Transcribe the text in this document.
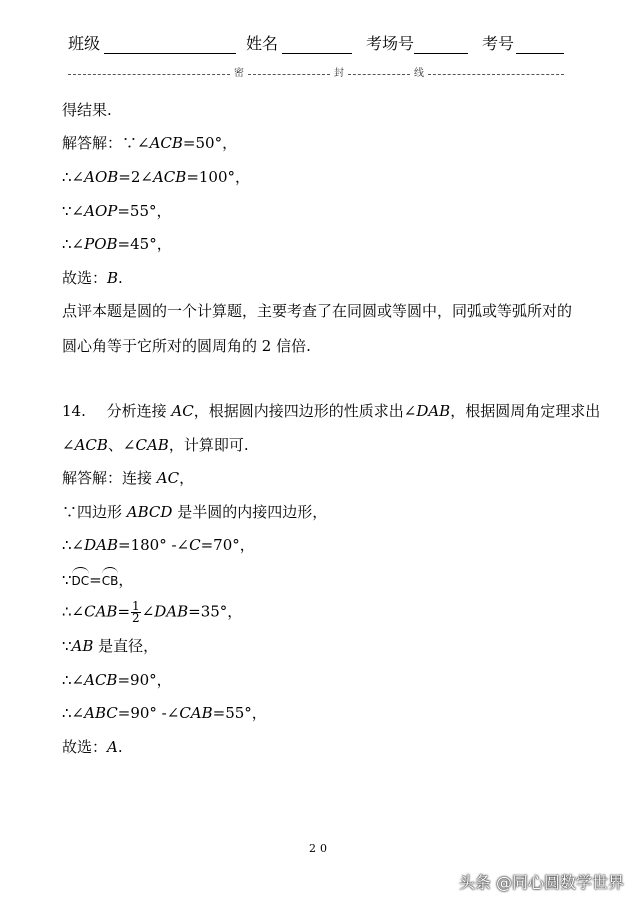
班级	姓名	考场号	考号
密	封	线
得结果.
解答解：∵∠ACB=50°，
∴∠AOB=2∠ACB=100°，
∵∠AOP=55°，
∴∠POB=45°，
故选：B.
点评本题是圆的一个计算题，主要考查了在同圆或等圆中，同弧或等弧所对的
圆心角等于它所对的圆周角的 2 信倍.
14. 分析连接 AC，根据圆内接四边形的性质求出∠DAB，根据圆周角定理求出
∠ACB、∠CAB，计算即可.
解答解：连接 AC，
∵四边形 ABCD 是半圆的内接四边形，
∴∠DAB=180° -∠C=70°，
∵DC=CB，
∴∠CAB= $\frac{1}{2}$ ∠DAB=35°，
∵AB 是直径，
∴∠ACB=90°，
∴∠ABC=90° -∠CAB=55°，
故选：A.
20
头条 @同心圆数学世界
